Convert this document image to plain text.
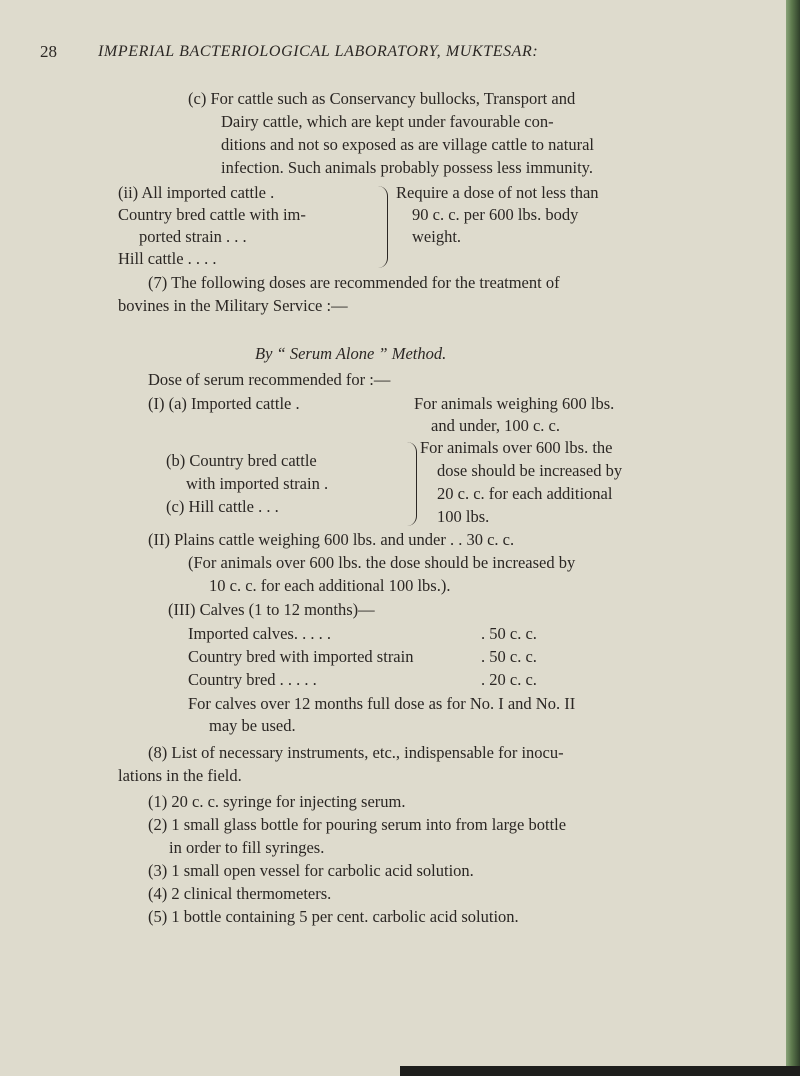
28	IMPERIAL BACTERIOLOGICAL LABORATORY, MUKTESAR:
(c) For cattle such as Conservancy bullocks, Transport and
Dairy cattle, which are kept under favourable con-
ditions and not so exposed as are village cattle to natural
infection. Such animals probably possess less immunity.
(ii) All imported cattle .
Country bred cattle with im-
ported strain . . .
Hill cattle . . . .
Require a dose of not less than
90 c. c. per 600 lbs. body
weight.
(7) The following doses are recommended for the treatment of
bovines in the Military Service :—
By “ Serum Alone ” Method.
Dose of serum recommended for :—
(I) (a) Imported cattle .	For animals weighing 600 lbs.
and under, 100 c. c.
(b) Country bred cattle
with imported strain .
(c) Hill cattle . . .
For animals over 600 lbs. the
dose should be increased by
20 c. c. for each additional
100 lbs.
(II) Plains cattle weighing 600 lbs. and under . . 30 c. c.
(For animals over 600 lbs. the dose should be increased by
10 c. c. for each additional 100 lbs.).
(III) Calves (1 to 12 months)—
Imported calves. . . . .	. 50 c. c.
Country bred with imported strain	. 50 c. c.
Country bred . . . . .	. 20 c. c.
For calves over 12 months full dose as for No. I and No. II
may be used.
(8) List of necessary instruments, etc., indispensable for inocu-
lations in the field.
(1) 20 c. c. syringe for injecting serum.
(2) 1 small glass bottle for pouring serum into from large bottle
in order to fill syringes.
(3) 1 small open vessel for carbolic acid solution.
(4) 2 clinical thermometers.
(5) 1 bottle containing 5 per cent. carbolic acid solution.
